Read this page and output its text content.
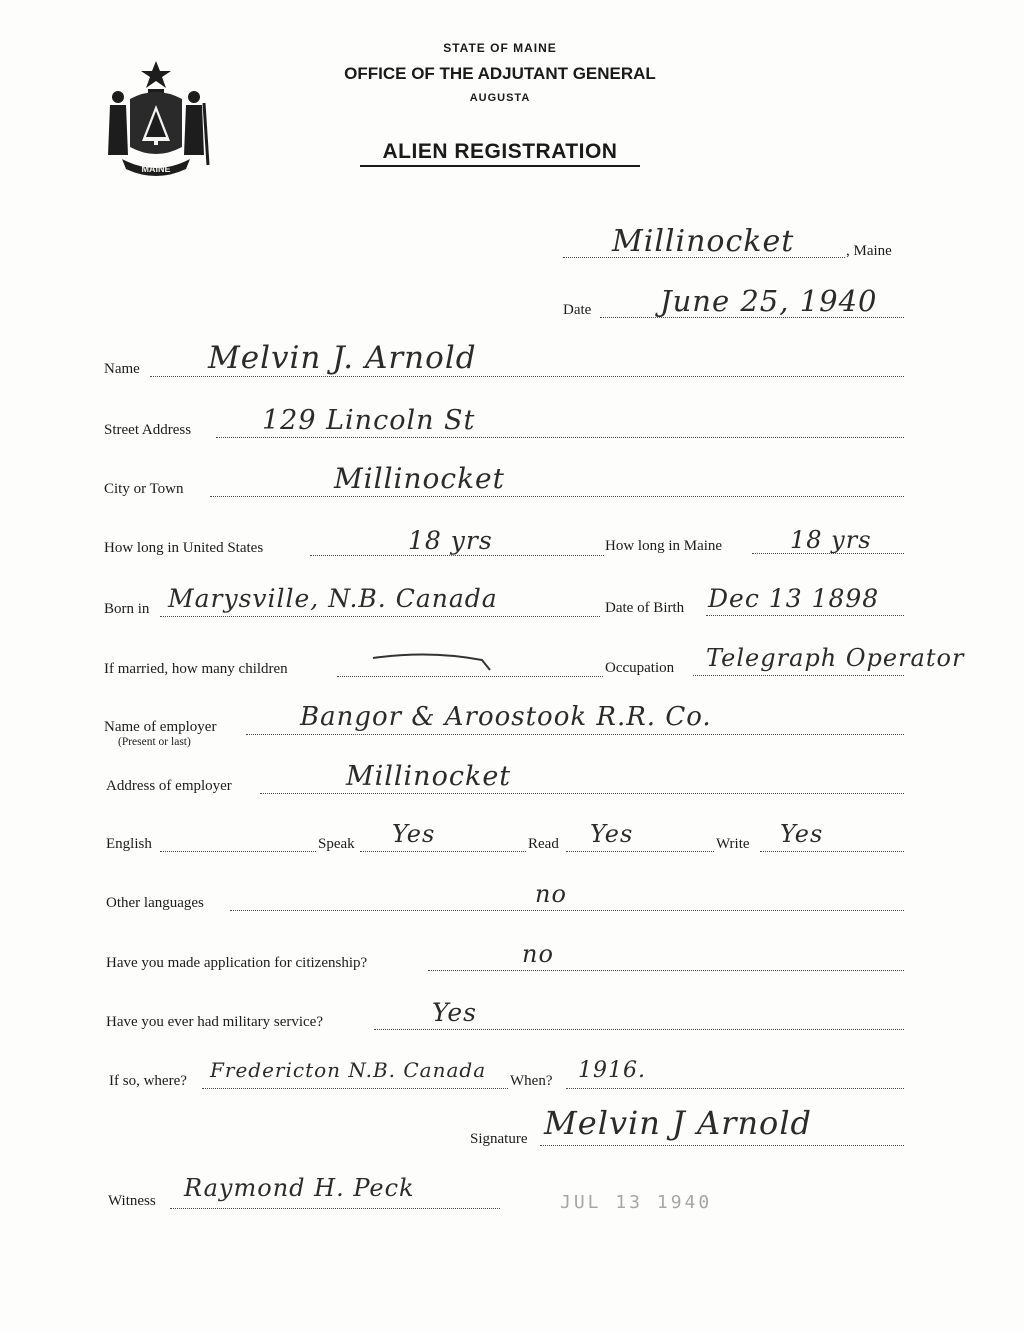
MAINE
STATE OF MAINE
OFFICE OF THE ADJUTANT GENERAL
AUGUSTA
ALIEN REGISTRATION
Millinocket	, Maine
Date June 25, 1940
Name Melvin J. Arnold
Street Address	129 Lincoln St
City or Town	Millinocket
How long in United States	18 yrs	How long in Maine	18 yrs
Born in Marysville, N.B. Canada	Date of Birth Dec 13 1898
If married, how many children	Occupation Telegraph Operator
Name of employer
(Present or last)
Bangor & Aroostook R.R. Co.
Address of employer	Millinocket
English	Speak Yes	Read Yes	Write Yes
Other languages	no
Have you made application for citizenship?	no
Have you ever had military service?	Yes
If so, where? Fredericton N.B. Canada When? 1916.
Signature Melvin J Arnold
Witness Raymond H. Peck
JUL 13 1940
